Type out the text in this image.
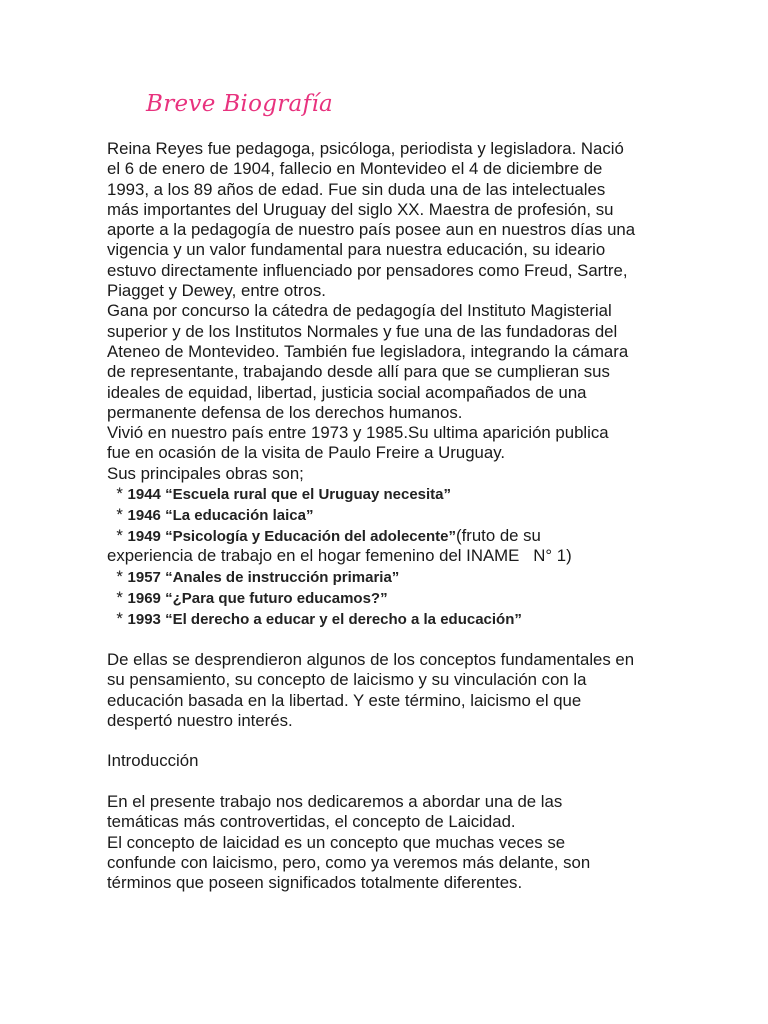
Breve Biografía
Reina Reyes fue pedagoga, psicóloga, periodista y legisladora. Nació
el 6 de enero de 1904, fallecio en Montevideo el 4 de diciembre de
1993, a los 89 años de edad. Fue sin duda una de las intelectuales
más importantes del Uruguay del siglo XX. Maestra de profesión, su
aporte a la pedagogía de nuestro país posee aun en nuestros días una
vigencia y un valor fundamental para nuestra educación, su ideario
estuvo directamente influenciado por pensadores como Freud, Sartre,
Piagget y Dewey, entre otros.
Gana por concurso la cátedra de pedagogía del Instituto Magisterial
superior y de los Institutos Normales y fue una de las fundadoras del
Ateneo de Montevideo. También fue legisladora, integrando la cámara
de representante, trabajando desde allí para que se cumplieran sus
ideales de equidad, libertad, justicia social acompañados de una
permanente defensa de los derechos humanos.
Vivió en nuestro país entre 1973 y 1985.Su ultima aparición publica
fue en ocasión de la visita de Paulo Freire a Uruguay.
Sus principales obras son;
* 1944 “Escuela rural que el Uruguay necesita”
* 1946 “La educación laica”
* 1949 “Psicología y Educación del adolecente”(fruto de su
experiencia de trabajo en el hogar femenino del INAME   N° 1)
* 1957 “Anales de instrucción primaria”
* 1969 “¿Para que futuro educamos?”
* 1993 “El derecho a educar y el derecho a la educación”
De ellas se desprendieron algunos de los conceptos fundamentales en
su pensamiento, su concepto de laicismo y su vinculación con la
educación basada en la libertad. Y este término, laicismo el que
despertó nuestro interés.
Introducción
En el presente trabajo nos dedicaremos a abordar una de las
temáticas más controvertidas, el concepto de Laicidad.
El concepto de laicidad es un concepto que muchas veces se
confunde con laicismo, pero, como ya veremos más delante, son
términos que poseen significados totalmente diferentes.
